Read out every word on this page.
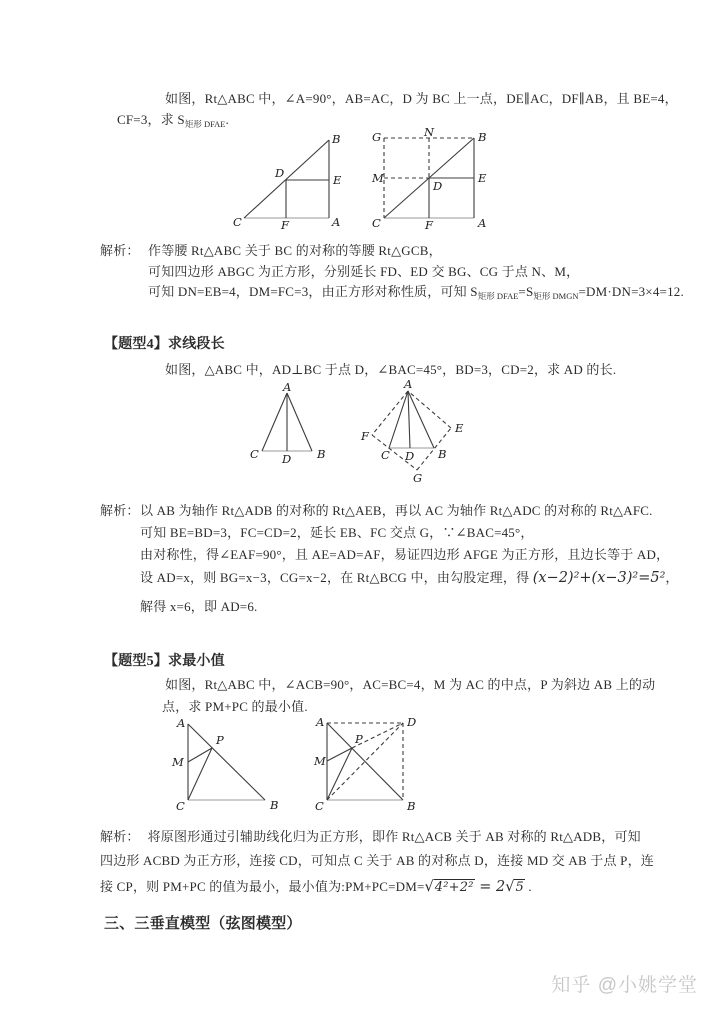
如图，Rt△ABC 中，∠A=90°，AB=AC，D 为 BC 上一点，DE∥AC，DF∥AB，且 BE=4，
CF=3，求 $S_{矩形 DFAE}$.
B
D	E
C	F	A
G	N	B
M
D
E
C	F	A
解析： 作等腰 Rt△ABC 关于 BC 的对称的等腰 Rt△GCB，
可知四边形 ABGC 为正方形，分别延长 FD、ED 交 BG、CG 于点 N、M，
可知 DN=EB=4，DM=FC=3，由正方形对称性质，可知 $S_{矩形 DFAE}=S_{矩形 DMGN}=DM\cdot DN=3\times 4=12$.
【题型4】求线段长
如图，△ABC 中，AD⊥BC 于点 D，∠BAC=45°，BD=3，CD=2，求 AD 的长.
A
C D B
A
F
E
C D B
G
解析： 以 AB 为轴作 Rt△ADB 的对称的 Rt△AEB，再以 AC 为轴作 Rt△ADC 的对称的 Rt△AFC.
可知 BE=BD=3，FC=CD=2，延长 EB、FC 交点 G，∵∠BAC=45°，
由对称性，得∠EAF=90°，且 AE=AD=AF，易证四边形 AFGE 为正方形，且边长等于 AD，
设 AD=x，则 BG=x−3，CG=x−2，在 Rt△BCG 中，由勾股定理，得 (x−2)²+(x−3)²=5²，
解得 x=6，即 AD=6.
【题型5】求最小值
如图，Rt△ABC 中，∠ACB=90°，AC=BC=4，M 为 AC 的中点，P 为斜边 AB 上的动
点，求 PM+PC 的最小值.
A
P
M
C	B
A	D
P
M
C	B
解析： 将原图形通过引辅助线化归为正方形，即作 Rt△ACB 关于 AB 对称的 Rt△ADB，可知
四边形 ACBD 为正方形，连接 CD，可知点 C 关于 AB 的对称点 D，连接 MD 交 AB 于点 P，连
接 CP，则 PM+PC 的值为最小，最小值为:PM+PC=DM=√4²+2² = 2√5 .
三、三垂直模型（弦图模型）
知乎 @小姚学堂
